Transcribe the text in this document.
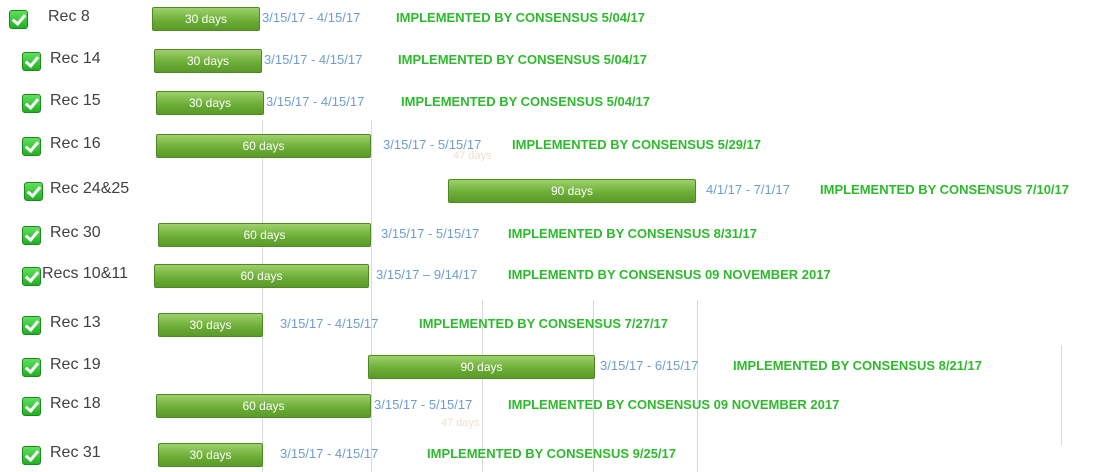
47 days
47 days
Rec 8	30 days	3/15/17 - 4/15/17	IMPLEMENTED BY CONSENSUS 5/04/17
Rec 14	30 days	3/15/17 - 4/15/17	IMPLEMENTED BY CONSENSUS 5/04/17
Rec 15	30 days	3/15/17 - 4/15/17	IMPLEMENTED BY CONSENSUS 5/04/17
Rec 16	60 days	3/15/17 - 5/15/17 IMPLEMENTED BY CONSENSUS 5/29/17
Rec 24&25	90 days	4/1/17 - 7/1/17 IMPLEMENTED BY CONSENSUS 7/10/17
Rec 30	60 days	3/15/17 - 5/15/17 IMPLEMENTED BY CONSENSUS 8/31/17
Recs 10&11	60 days	3/15/17 – 9/14/17 IMPLEMENTD BY CONSENSUS 09 NOVEMBER 2017
Rec 13	30 days	3/15/17 - 4/15/17	IMPLEMENTED BY CONSENSUS 7/27/17
Rec 19	90 days	3/15/17 - 6/15/17	IMPLEMENTED BY CONSENSUS 8/21/17
Rec 18	60 days	3/15/17 - 5/15/17	IMPLEMENTED BY CONSENSUS 09 NOVEMBER 2017
Rec 31	30 days	3/15/17 - 4/15/17	IMPLEMENTED BY CONSENSUS 9/25/17
